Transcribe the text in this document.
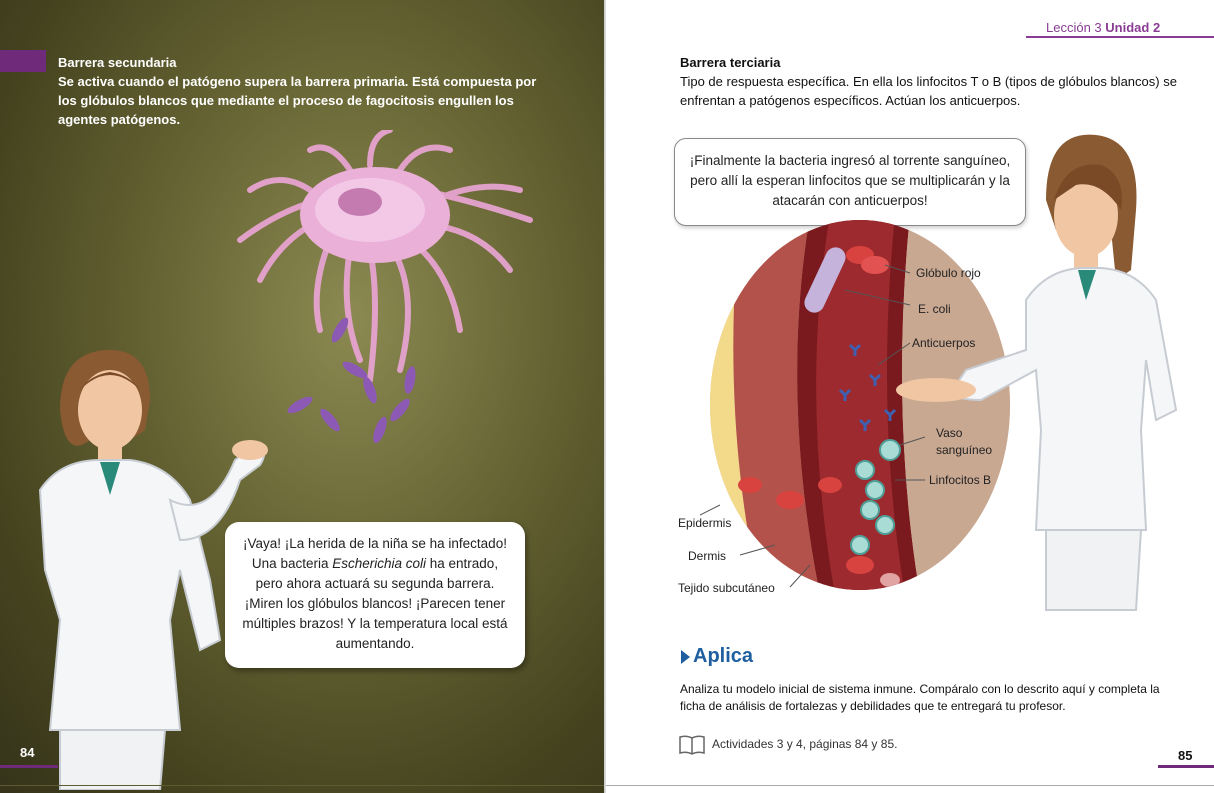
Barrera secundaria
Se activa cuando el patógeno supera la barrera primaria. Está compuesta por los glóbulos blancos que mediante el proceso de fagocitosis engullen los agentes patógenos.
¡Vaya! ¡La herida de la niña se ha infectado! Una bacteria Escherichia coli ha entrado, pero ahora actuará su segunda barrera. ¡Miren los glóbulos blancos! ¡Parecen tener múltiples brazos! Y la temperatura local está aumentando.
84
Lección 3 Unidad 2
Barrera terciaria
Tipo de respuesta específica. En ella los linfocitos T o B (tipos de glóbulos blancos) se enfrentan a patógenos específicos. Actúan los anticuerpos.
¡Finalmente la bacteria ingresó al torrente sanguíneo, pero allí la esperan linfocitos que se multiplicarán y la atacarán con anticuerpos!
Glóbulo rojo
E. coli
Anticuerpos
Vaso
sanguíneo
Linfocitos B
Epidermis
Dermis
Tejido subcutáneo
Aplica
Analiza tu modelo inicial de sistema inmune. Compáralo con lo descrito aquí y completa la ficha de análisis de fortalezas y debilidades que te entregará tu profesor.
Actividades 3 y 4, páginas 84 y 85.
85
